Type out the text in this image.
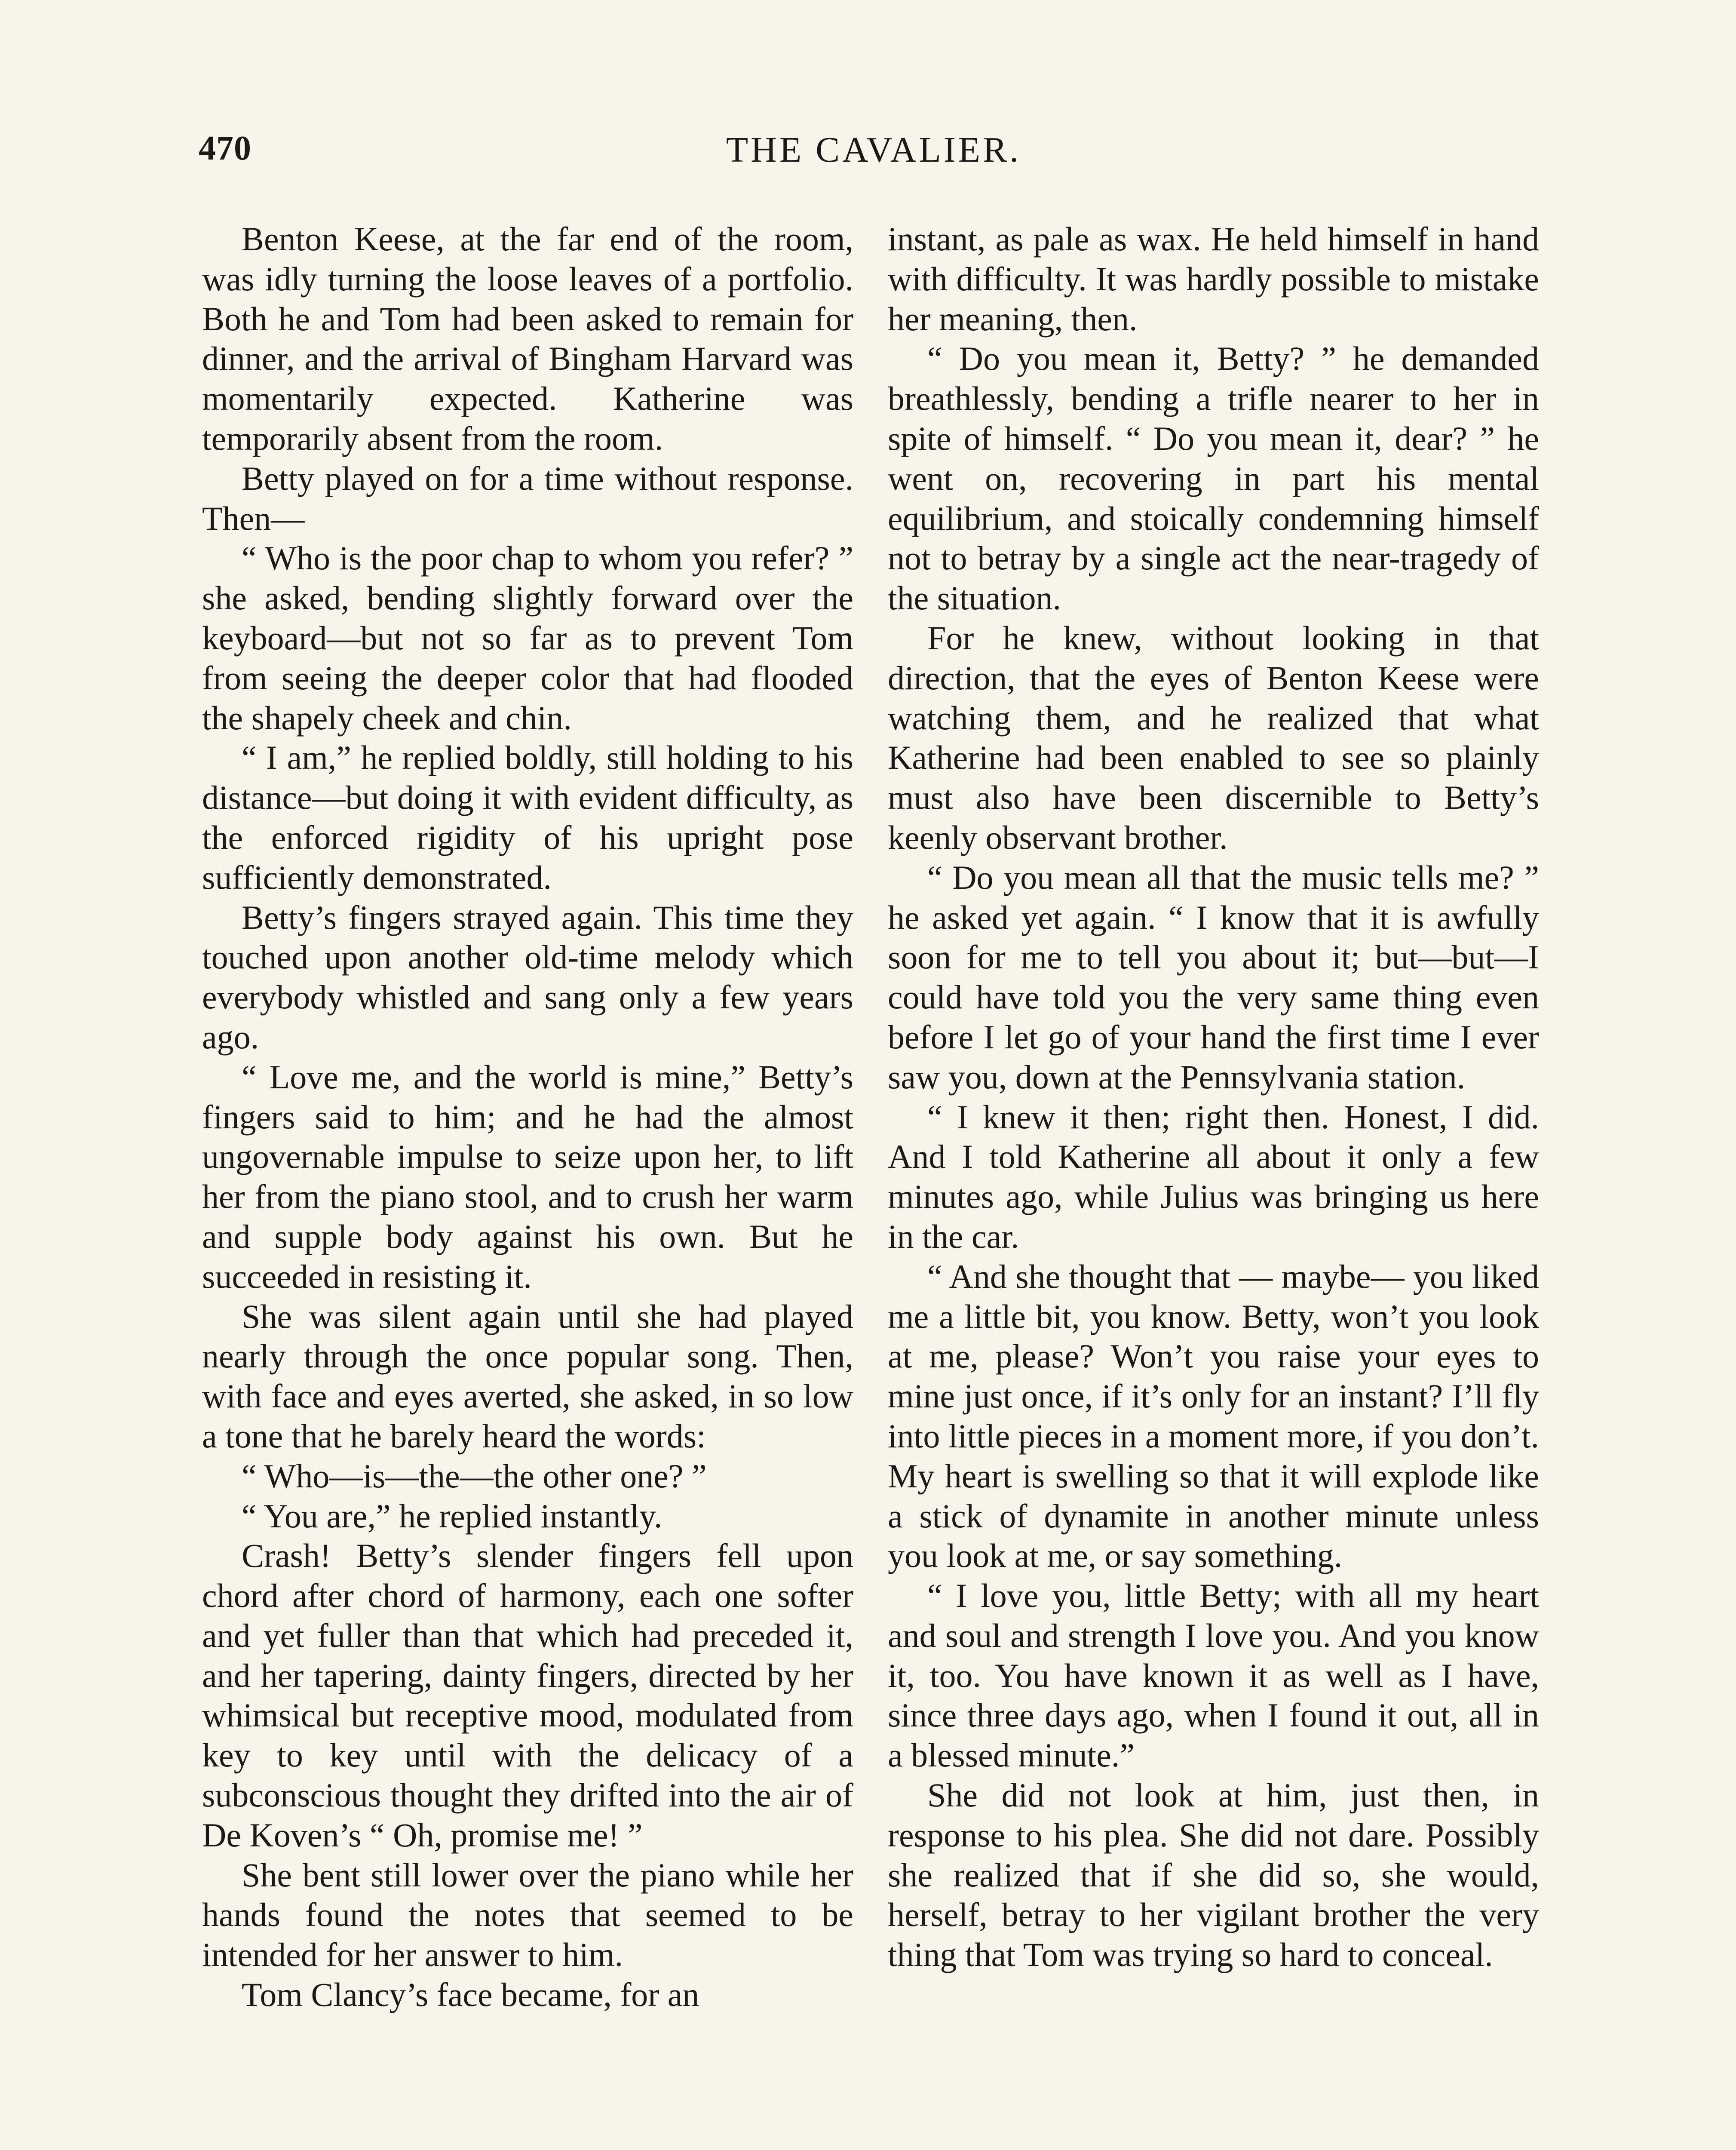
470	THE CAVALIER.

Benton Keese, at the far end of the room, was idly turning the loose leaves of a portfolio. Both he and Tom had been asked to remain for dinner, and the arrival of Bingham Harvard was momentarily expected. Katherine was temporarily absent from the room.

Betty played on for a time without response. Then—

“ Who is the poor chap to whom you refer? ” she asked, bending slightly forward over the keyboard—but not so far as to prevent Tom from seeing the deeper color that had flooded the shapely cheek and chin.

“ I am,” he replied boldly, still holding to his distance—but doing it with evident difficulty, as the enforced rigidity of his upright pose sufficiently demonstrated.

Betty’s fingers strayed again. This time they touched upon another old-time melody which everybody whistled and sang only a few years ago.

“ Love me, and the world is mine,” Betty’s fingers said to him; and he had the almost ungovernable impulse to seize upon her, to lift her from the piano stool, and to crush her warm and supple body against his own. But he succeeded in resisting it.

She was silent again until she had played nearly through the once popular song. Then, with face and eyes averted, she asked, in so low a tone that he barely heard the words:

“ Who—is—the—the other one? ”

“ You are,” he replied instantly.

Crash! Betty’s slender fingers fell upon chord after chord of harmony, each one softer and yet fuller than that which had preceded it, and her tapering, dainty fingers, directed by her whimsical but receptive mood, modulated from key to key until with the delicacy of a subconscious thought they drifted into the air of De Koven’s “ Oh, promise me! ”

She bent still lower over the piano while her hands found the notes that seemed to be intended for her answer to him.

Tom Clancy’s face became, for an

instant, as pale as wax. He held himself in hand with difficulty. It was hardly possible to mistake her meaning, then.

“ Do you mean it, Betty? ” he demanded breathlessly, bending a trifle nearer to her in spite of himself. “ Do you mean it, dear? ” he went on, recovering in part his mental equilibrium, and stoically condemning himself not to betray by a single act the near-tragedy of the situation.

For he knew, without looking in that direction, that the eyes of Benton Keese were watching them, and he realized that what Katherine had been enabled to see so plainly must also have been discernible to Betty’s keenly observant brother.

“ Do you mean all that the music tells me? ” he asked yet again. “ I know that it is awfully soon for me to tell you about it; but—but—I could have told you the very same thing even before I let go of your hand the first time I ever saw you, down at the Pennsylvania station.

“ I knew it then; right then. Honest, I did. And I told Katherine all about it only a few minutes ago, while Julius was bringing us here in the car.

“ And she thought that — maybe— you liked me a little bit, you know. Betty, won’t you look at me, please? Won’t you raise your eyes to mine just once, if it’s only for an instant? I’ll fly into little pieces in a moment more, if you don’t. My heart is swelling so that it will explode like a stick of dynamite in another minute unless you look at me, or say something.

“ I love you, little Betty; with all my heart and soul and strength I love you. And you know it, too. You have known it as well as I have, since three days ago, when I found it out, all in a blessed minute.”

She did not look at him, just then, in response to his plea. She did not dare. Possibly she realized that if she did so, she would, herself, betray to her vigilant brother the very thing that Tom was trying so hard to conceal.
